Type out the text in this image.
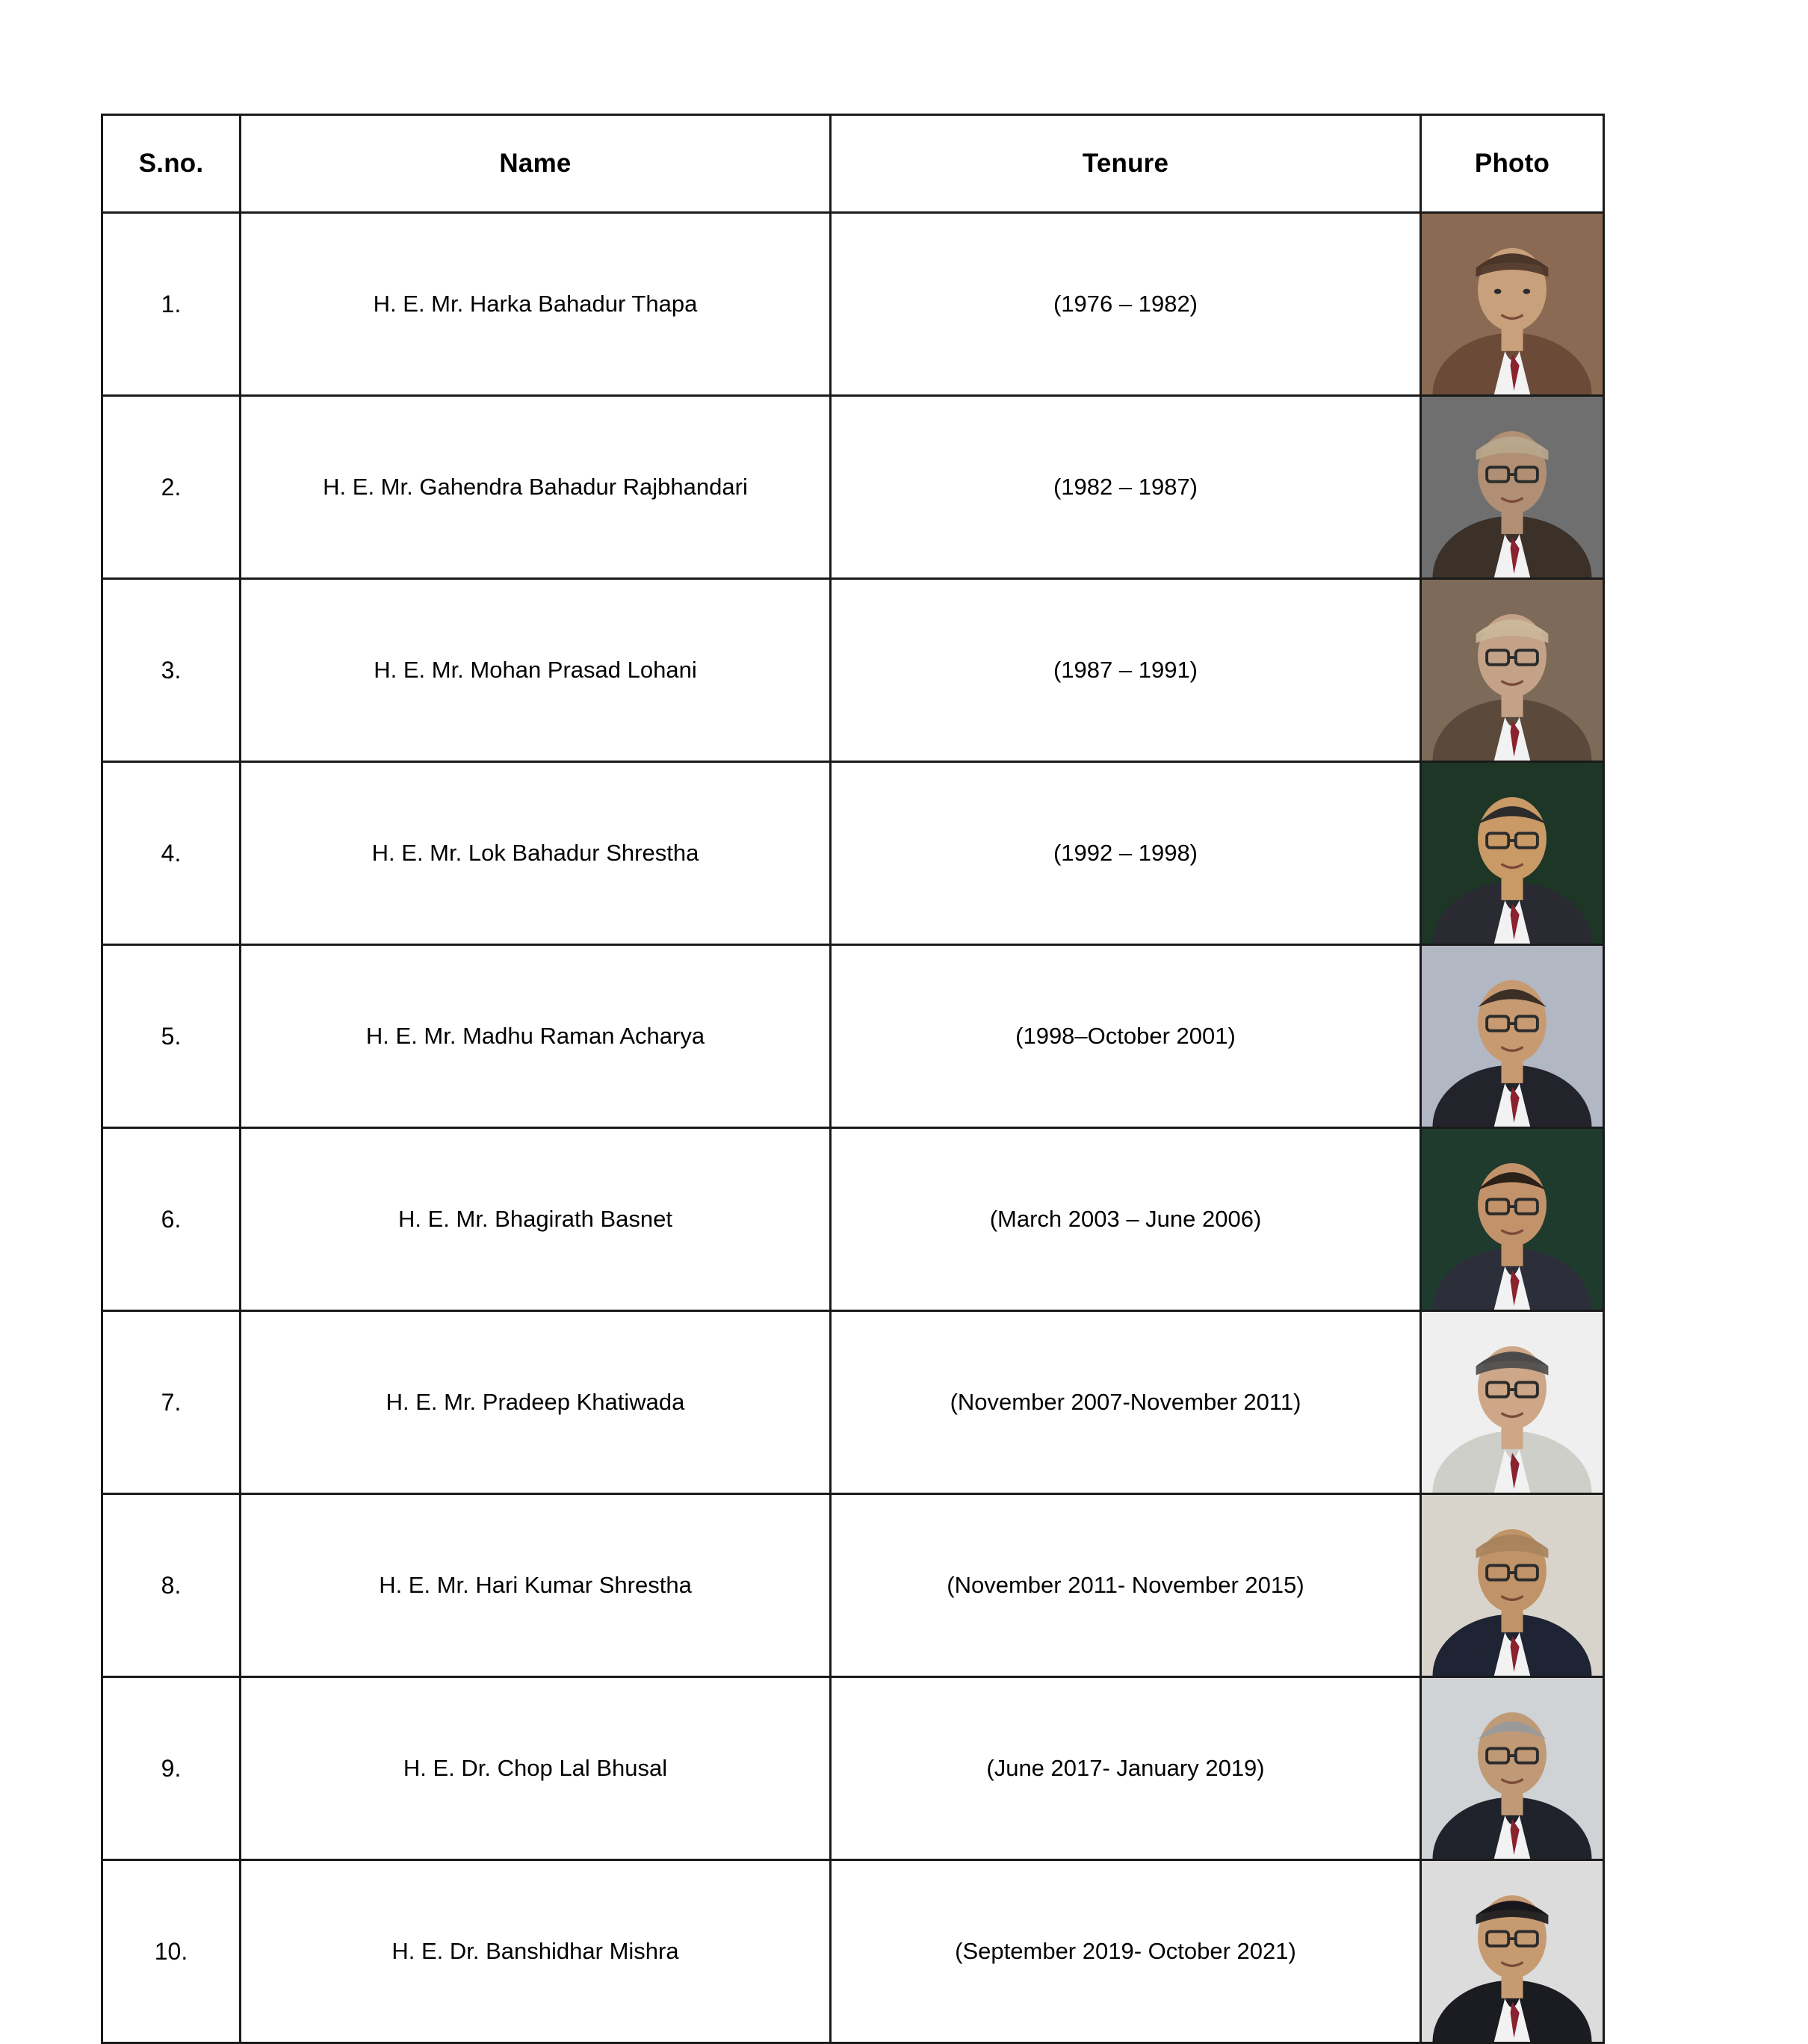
S.no.	Name	Tenure	Photo
1.	H. E. Mr. Harka Bahadur Thapa	(1976 – 1982)	

2.	H. E. Mr. Gahendra Bahadur Rajbhandari	(1982 – 1987)	

3.	H. E. Mr. Mohan Prasad Lohani	(1987 – 1991)	

4.	H. E. Mr. Lok Bahadur Shrestha	(1992 – 1998)	

5.	H. E. Mr. Madhu Raman Acharya	(1998–October 2001)	

6.	H. E. Mr. Bhagirath Basnet	(March 2003 – June 2006)	

7.	H. E. Mr. Pradeep Khatiwada	(November 2007-November 2011)	

8.	H. E. Mr. Hari Kumar Shrestha	(November 2011- November 2015)	

9.	H. E. Dr. Chop Lal Bhusal	(June 2017- January 2019)	

10.	H. E. Dr. Banshidhar Mishra	(September 2019- October 2021)	
